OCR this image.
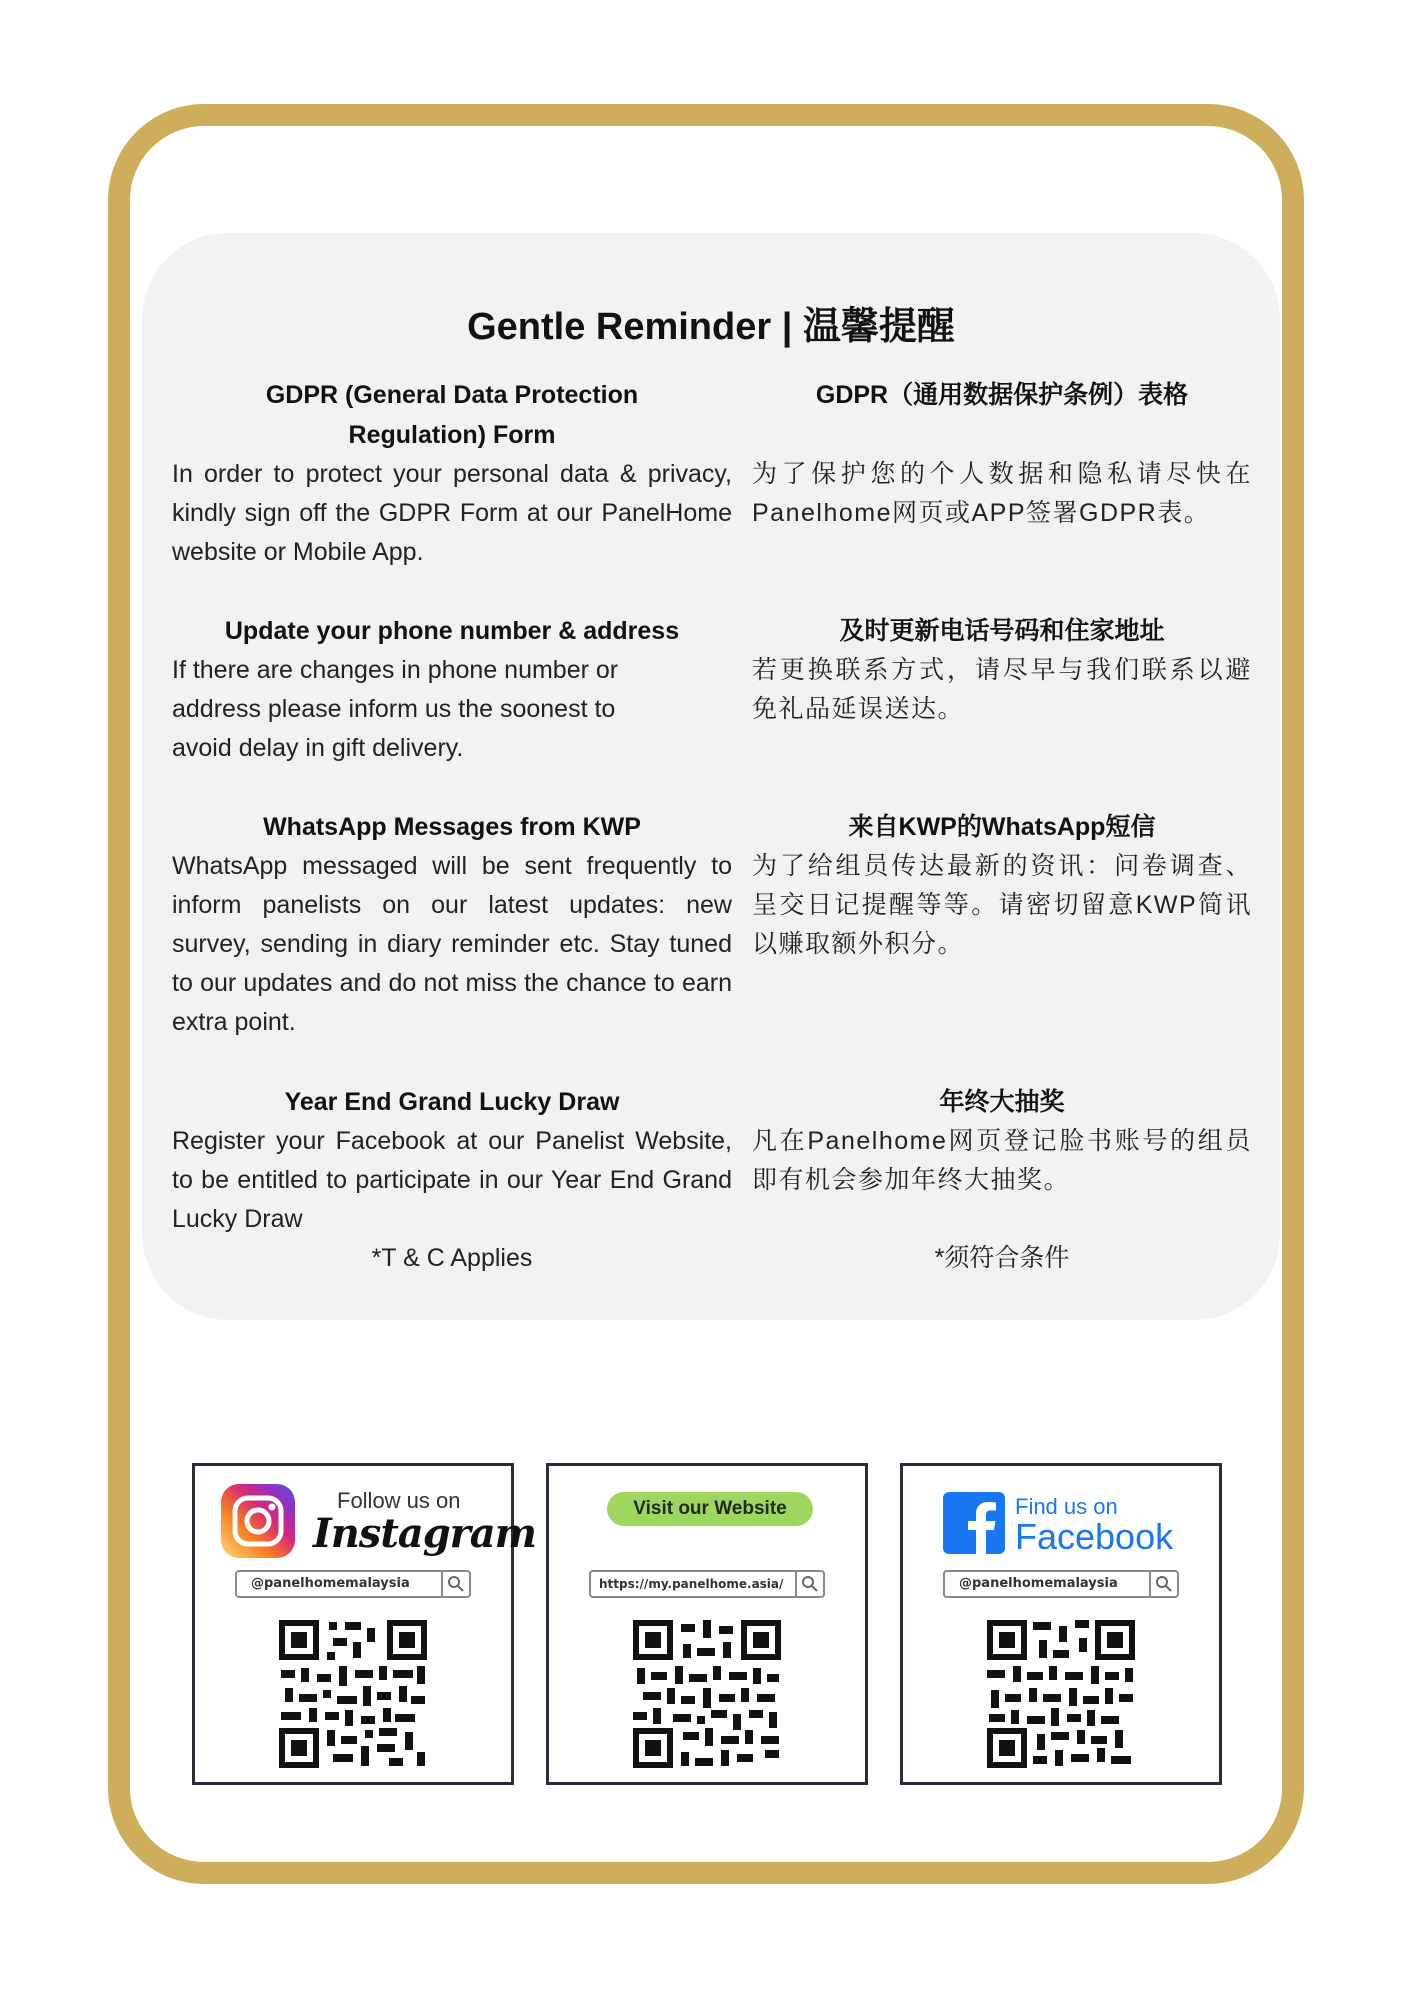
Gentle Reminder | 温馨提醒
GDPR (General Data Protection Regulation) Form
In order to protect your personal data & privacy, kindly sign off the GDPR Form at our PanelHome website or Mobile App.
Update your phone number & address
If there are changes in phone number or address please inform us the soonest to avoid delay in gift delivery.
WhatsApp Messages from KWP
WhatsApp messaged will be sent frequently to inform panelists on our latest updates: new survey, sending in diary reminder etc. Stay tuned to our updates and do not miss the chance to earn extra point.
Year End Grand Lucky Draw
Register your Facebook at our Panelist Website, to be entitled to participate in our Year End Grand Lucky Draw
*T & C Applies
GDPR（通用数据保护条例）表格
为了保护您的个人数据和隐私请尽快在Panelhome网页或APP签署GDPR表。
及时更新电话号码和住家地址
若更换联系方式，请尽早与我们联系以避免礼品延误送达。
来自KWP的WhatsApp短信
为了给组员传达最新的资讯：问卷调查、呈交日记提醒等等。请密切留意KWP简讯以赚取额外积分。
年终大抽奖
凡在Panelhome网页登记脸书账号的组员即有机会参加年终大抽奖。
*须符合条件
Follow us on
Instagram
@panelhomemalaysia
Visit our Website
https://my.panelhome.asia/
Find us on
Facebook
@panelhomemalaysia
